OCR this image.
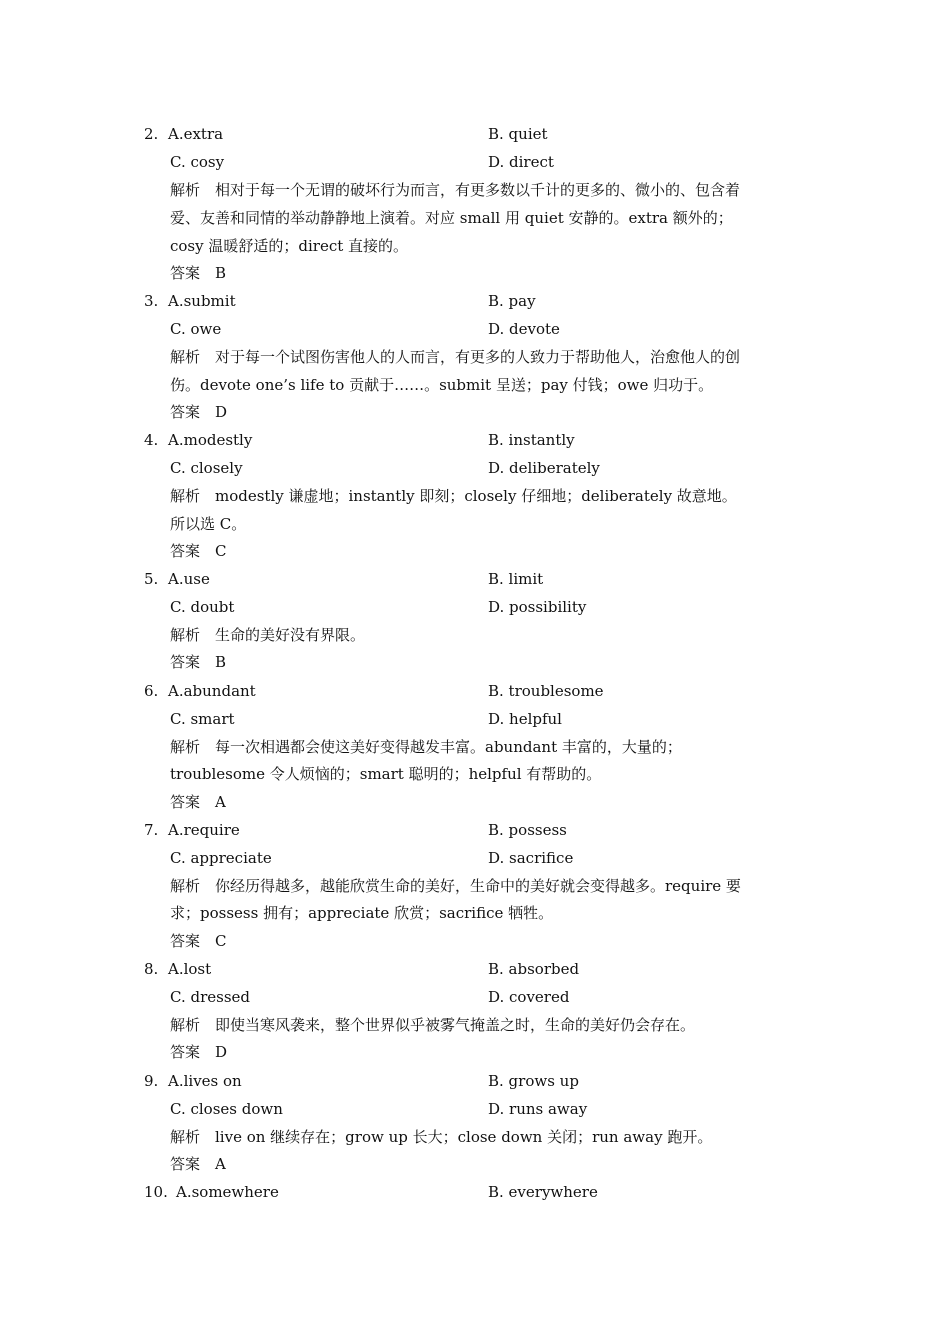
2. A.extra	B. quiet
C. cosy	D. direct
解析　相对于每一个无谓的破坏行为而言，有更多数以千计的更多的、微小的、包含着
爱、友善和同情的举动静静地上演着。对应 small 用 quiet 安静的。extra 额外的；
cosy 温暖舒适的；direct 直接的。
答案　B
3. A.submit	B. pay
C. owe	D. devote
解析　对于每一个试图伤害他人的人而言，有更多的人致力于帮助他人，治愈他人的创
伤。devote one’s life to 贡献于……。submit 呈送；pay 付钱；owe 归功于。
答案　D
4. A.modestly	B. instantly
C. closely	D. deliberately
解析　modestly 谦虚地；instantly 即刻；closely 仔细地；deliberately 故意地。
所以选 C。
答案　C
5. A.use	B. limit
C. doubt	D. possibility
解析　生命的美好没有界限。
答案　B
6. A.abundant	B. troublesome
C. smart	D. helpful
解析　每一次相遇都会使这美好变得越发丰富。abundant 丰富的，大量的；
troublesome 令人烦恼的；smart 聪明的；helpful 有帮助的。
答案　A
7. A.require	B. possess
C. appreciate	D. sacrifice
解析　你经历得越多，越能欣赏生命的美好，生命中的美好就会变得越多。require 要
求；possess 拥有；appreciate 欣赏；sacrifice 牺牲。
答案　C
8. A.lost	B. absorbed
C. dressed	D. covered
解析　即使当寒风袭来，整个世界似乎被雾气掩盖之时，生命的美好仍会存在。
答案　D
9. A.lives on	B. grows up
C. closes down	D. runs away
解析　live on 继续存在；grow up 长大；close down 关闭；run away 跑开。
答案　A
10. A.somewhere	B. everywhere
